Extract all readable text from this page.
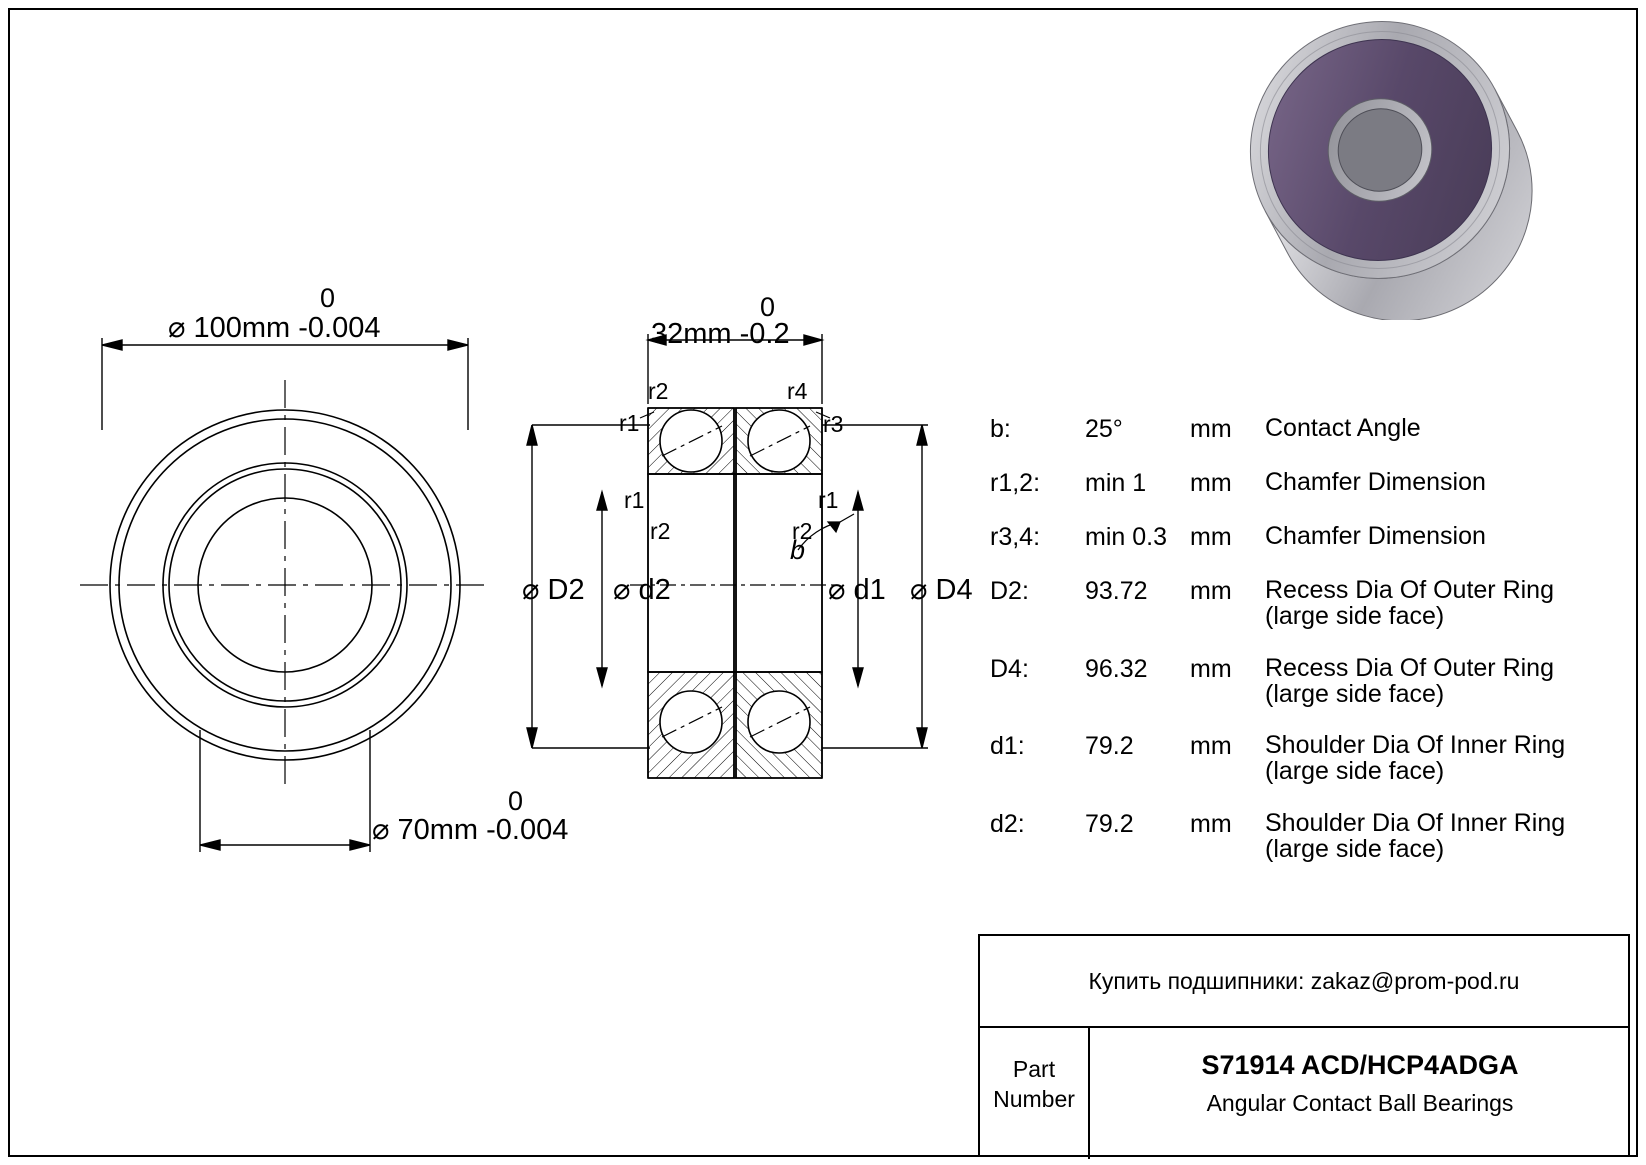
0
⌀ 100mm -0.004
0
⌀ 70mm -0.004
0
32mm -0.2
r2	r4
r1	r3
r1
r2
r1
r2
b
⌀ D2 ⌀ d2	⌀ d1 ⌀ D4
b:	25°	mm	Contact Angle

r1,2:	min 1	mm	Chamfer Dimension

r3,4:	min 0.3 mm	Chamfer Dimension

D2:	93.72	mm	Recess Dia Of Outer Ring
(large side face)
D4:	96.32	mm	Recess Dia Of Outer Ring
(large side face)
d1:	79.2	mm	Shoulder Dia Of Inner Ring
(large side face)
d2:	79.2	mm	Shoulder Dia Of Inner Ring
(large side face)
Купить подшипники: zakaz@prom-pod.ru
Part
Number
S71914 ACD/HCP4ADGA
Angular Contact Ball Bearings
